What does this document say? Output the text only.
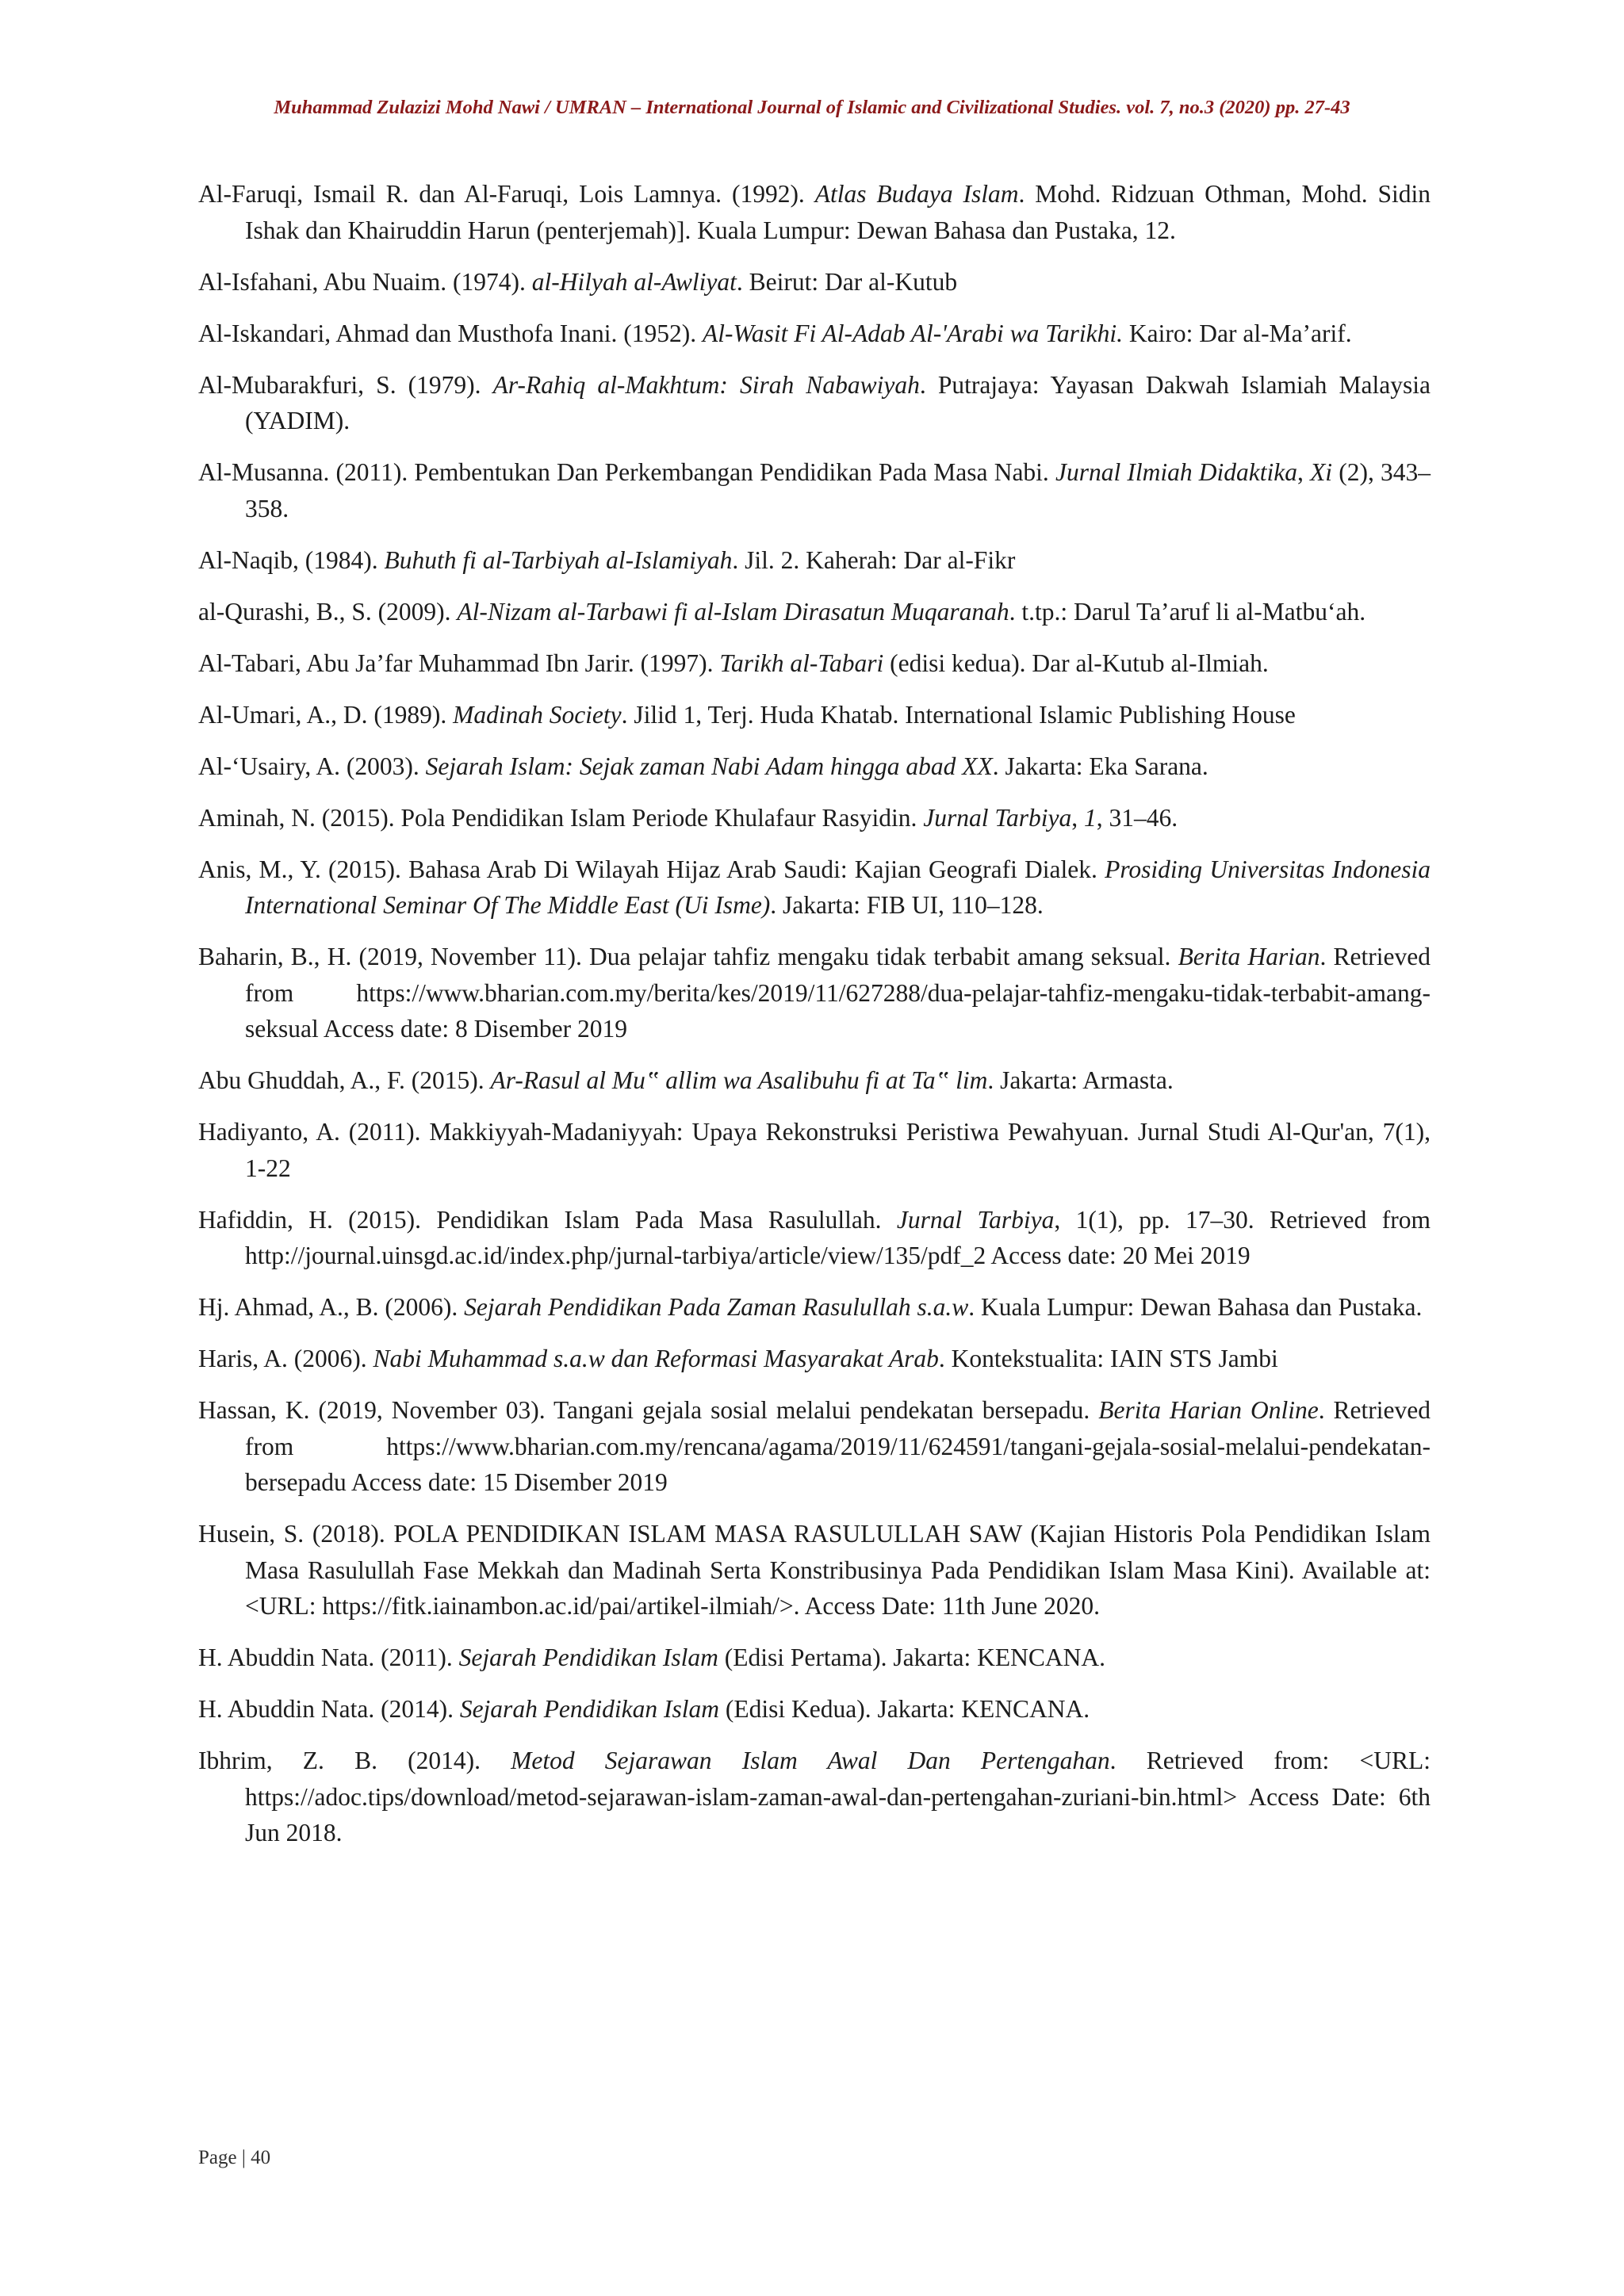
Muhammad Zulazizi Mohd Nawi / UMRAN – International Journal of Islamic and Civilizational Studies. vol. 7, no.3 (2020) pp. 27-43

Al-Faruqi, Ismail R. dan Al-Faruqi, Lois Lamnya. (1992). Atlas Budaya Islam. Mohd. Ridzuan Othman, Mohd. Sidin Ishak dan Khairuddin Harun (penterjemah)]. Kuala Lumpur: Dewan Bahasa dan Pustaka, 12.

Al-Isfahani, Abu Nuaim. (1974). al-Hilyah al-Awliyat. Beirut: Dar al-Kutub

Al-Iskandari, Ahmad dan Musthofa Inani. (1952). Al-Wasit Fi Al-Adab Al-'Arabi wa Tarikhi. Kairo: Dar al-Ma’arif.

Al-Mubarakfuri, S. (1979). Ar-Rahiq al-Makhtum: Sirah Nabawiyah. Putrajaya: Yayasan Dakwah Islamiah Malaysia (YADIM).

Al-Musanna. (2011). Pembentukan Dan Perkembangan Pendidikan Pada Masa Nabi. Jurnal Ilmiah Didaktika, Xi (2), 343–358.

Al-Naqib, (1984). Buhuth fi al-Tarbiyah al-Islamiyah. Jil. 2. Kaherah: Dar al-Fikr

al-Qurashi, B., S. (2009). Al-Nizam al-Tarbawi fi al-Islam Dirasatun Muqaranah. t.tp.: Darul Ta’aruf li al-Matbu‘ah.

Al-Tabari, Abu Ja’far Muhammad Ibn Jarir. (1997). Tarikh al-Tabari (edisi kedua). Dar al-Kutub al-Ilmiah.

Al-Umari, A., D. (1989). Madinah Society. Jilid 1, Terj. Huda Khatab. International Islamic Publishing House

Al-‘Usairy, A. (2003). Sejarah Islam: Sejak zaman Nabi Adam hingga abad XX. Jakarta: Eka Sarana.

Aminah, N. (2015). Pola Pendidikan Islam Periode Khulafaur Rasyidin. Jurnal Tarbiya, 1, 31–46.

Anis, M., Y. (2015). Bahasa Arab Di Wilayah Hijaz Arab Saudi: Kajian Geografi Dialek. Prosiding Universitas Indonesia International Seminar Of The Middle East (Ui Isme). Jakarta: FIB UI, 110–128.

Baharin, B., H. (2019, November 11). Dua pelajar tahfiz mengaku tidak terbabit amang seksual. Berita Harian. Retrieved from https://www.bharian.com.my/berita/kes/2019/11/627288/dua-pelajar-tahfiz-mengaku-tidak-terbabit-amang-seksual Access date: 8 Disember 2019

Abu Ghuddah, A., F. (2015). Ar-Rasul al Mu‟ allim wa Asalibuhu fi at Ta‟ lim. Jakarta: Armasta.

Hadiyanto, A. (2011). Makkiyyah-Madaniyyah: Upaya Rekonstruksi Peristiwa Pewahyuan. Jurnal Studi Al-Qur'an, 7(1), 1-22

Hafiddin, H. (2015). Pendidikan Islam Pada Masa Rasulullah. Jurnal Tarbiya, 1(1), pp. 17–30. Retrieved from http://journal.uinsgd.ac.id/index.php/jurnal-tarbiya/article/view/135/pdf_2 Access date: 20 Mei 2019

Hj. Ahmad, A., B. (2006). Sejarah Pendidikan Pada Zaman Rasulullah s.a.w. Kuala Lumpur: Dewan Bahasa dan Pustaka.

Haris, A. (2006). Nabi Muhammad s.a.w dan Reformasi Masyarakat Arab. Kontekstualita: IAIN STS Jambi

Hassan, K. (2019, November 03). Tangani gejala sosial melalui pendekatan bersepadu. Berita Harian Online. Retrieved from https://www.bharian.com.my/rencana/agama/2019/11/624591/tangani-gejala-sosial-melalui-pendekatan-bersepadu Access date: 15 Disember 2019

Husein, S. (2018). POLA PENDIDIKAN ISLAM MASA RASULULLAH SAW (Kajian Historis Pola Pendidikan Islam Masa Rasulullah Fase Mekkah dan Madinah Serta Konstribusinya Pada Pendidikan Islam Masa Kini). Available at: <URL: https://fitk.iainambon.ac.id/pai/artikel-ilmiah/>. Access Date: 11th June 2020.

H. Abuddin Nata. (2011). Sejarah Pendidikan Islam (Edisi Pertama). Jakarta: KENCANA.

H. Abuddin Nata. (2014). Sejarah Pendidikan Islam (Edisi Kedua). Jakarta: KENCANA.

Ibhrim, Z. B. (2014). Metod Sejarawan Islam Awal Dan Pertengahan. Retrieved from: <URL: https://adoc.tips/download/metod-sejarawan-islam-zaman-awal-dan-pertengahan-zuriani-bin.html> Access Date: 6th Jun 2018.

Page | 40
